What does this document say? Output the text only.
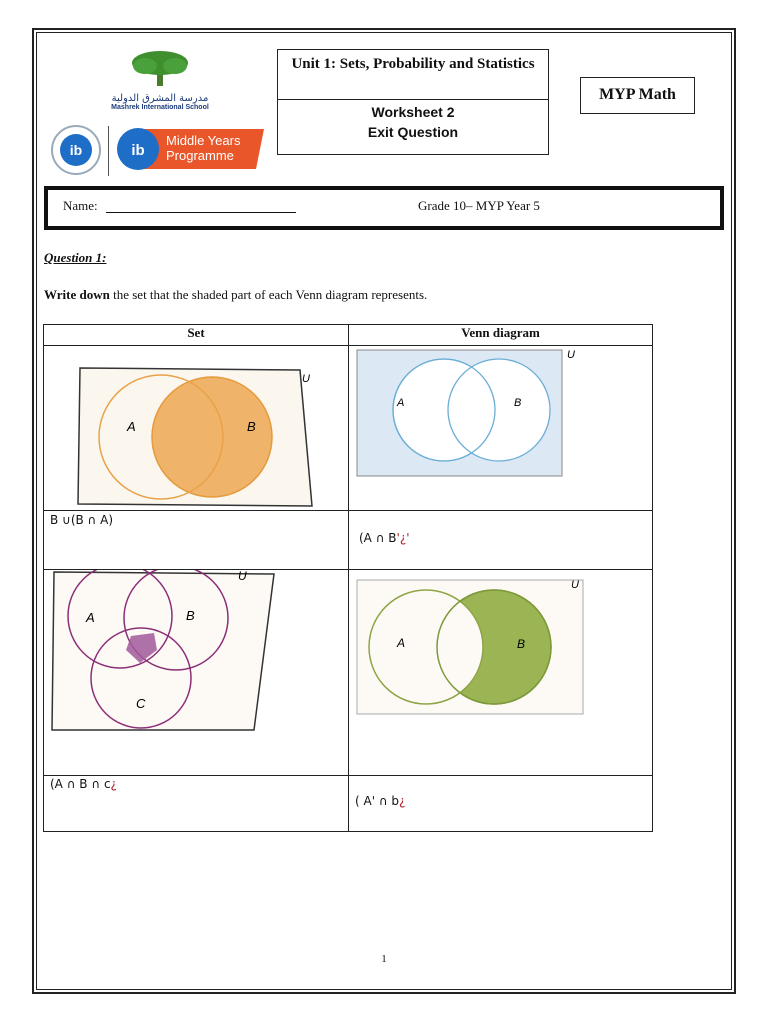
مدرسة المشرق الدولية
Mashrek International School
ib	ib
Middle Years Programme
Unit 1: Sets, Probability and Statistics
Worksheet 2
Exit Question
MYP Math
Name:	Grade 10– MYP Year 5
Question 1:
Write down the set that the shaded part of each Venn diagram represents.
Set	Venn diagram

A B
U	A B
U

B ∪(B ∩ A)	(A ∩ B'¿'

A B
C
U	A B
U

(A ∩ B ∩ c¿	( A' ∩ b¿
1
